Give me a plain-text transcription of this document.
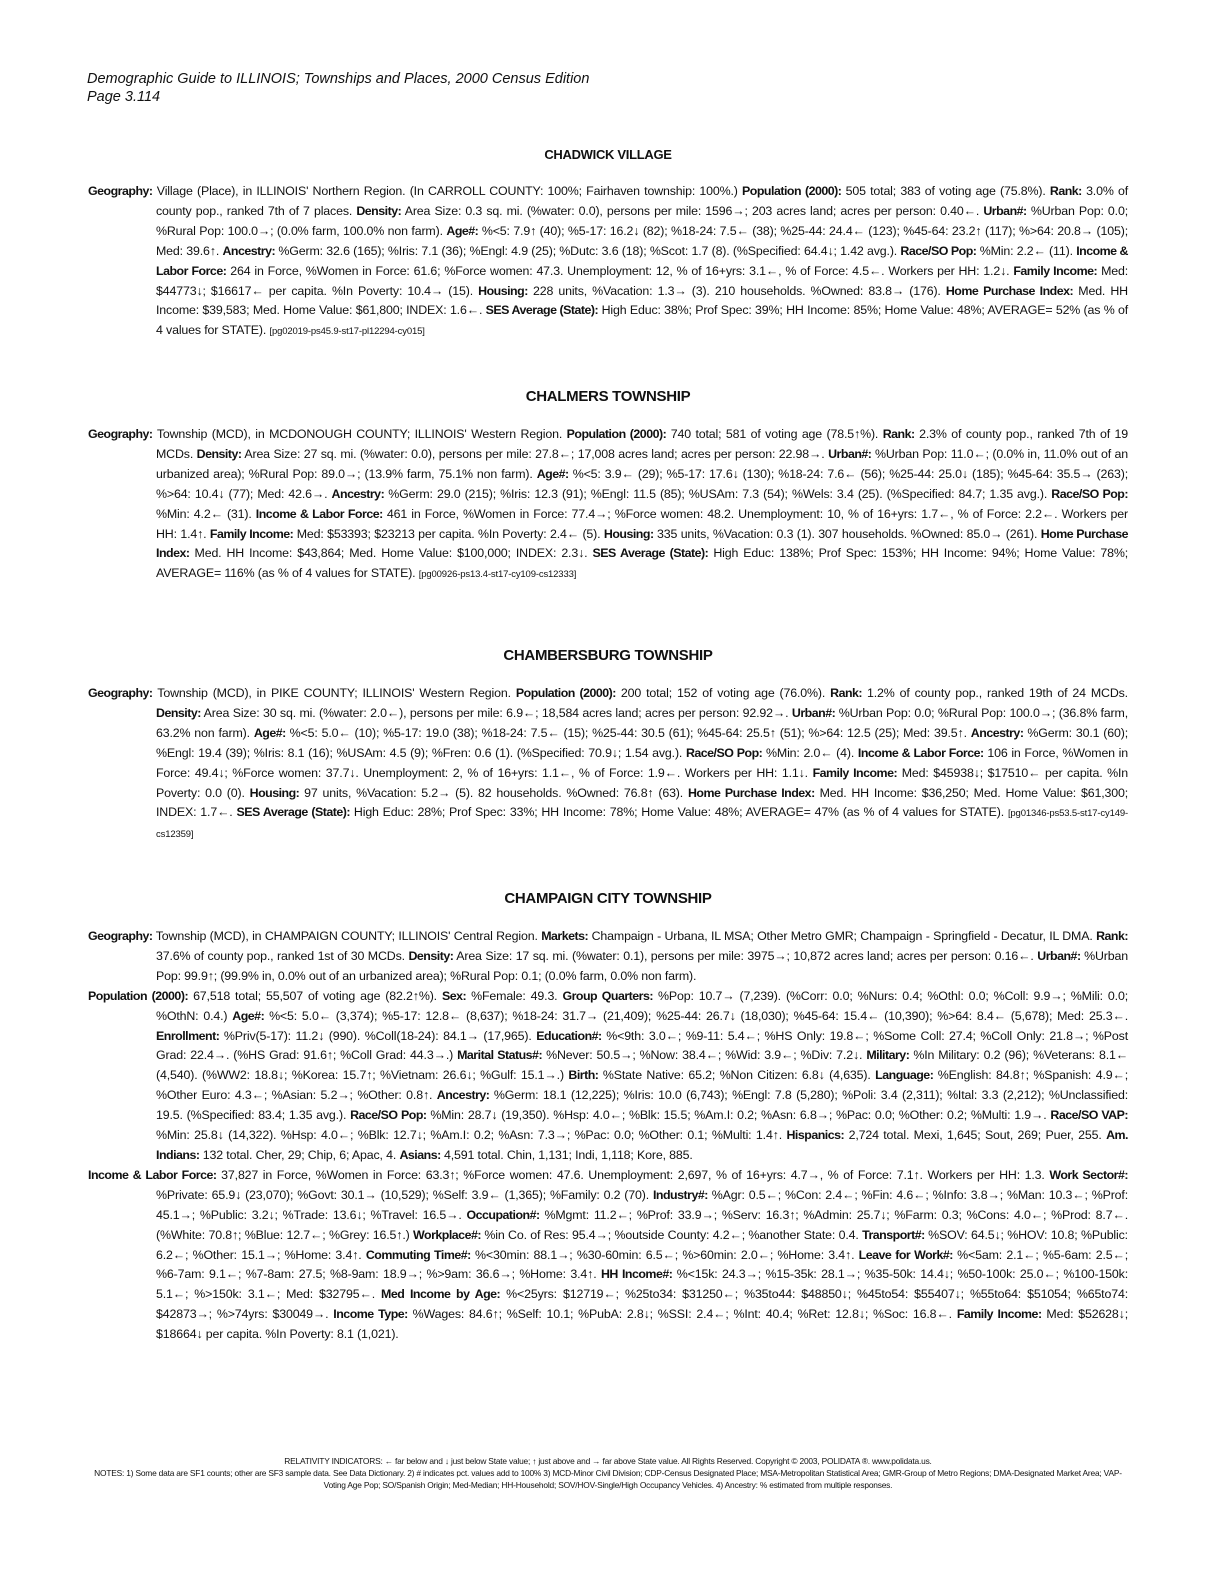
Demographic Guide to ILLINOIS; Townships and Places, 2000 Census Edition
Page 3.114
CHADWICK VILLAGE

Geography: Village (Place), in ILLINOIS' Northern Region. (In CARROLL COUNTY: 100%; Fairhaven township: 100%.) Population (2000): 505 total; 383 of voting age (75.8%). Rank: 3.0% of county pop., ranked 7th of 7 places. Density: Area Size: 0.3 sq. mi. (%water: 0.0), persons per mile: 1596→; 203 acres land; acres per person: 0.40←. Urban#: %Urban Pop: 0.0; %Rural Pop: 100.0→; (0.0% farm, 100.0% non farm). Age#: %<5: 7.9↑ (40); %5-17: 16.2↓ (82); %18-24: 7.5← (38); %25-44: 24.4← (123); %45-64: 23.2↑ (117); %>64: 20.8→ (105); Med: 39.6↑. Ancestry: %Germ: 32.6 (165); %Iris: 7.1 (36); %Engl: 4.9 (25); %Dutc: 3.6 (18); %Scot: 1.7 (8). (%Specified: 64.4↓; 1.42 avg.). Race/SO Pop: %Min: 2.2← (11). Income & Labor Force: 264 in Force, %Women in Force: 61.6; %Force women: 47.3. Unemployment: 12, % of 16+yrs: 3.1←, % of Force: 4.5←. Workers per HH: 1.2↓. Family Income: Med: $44773↓; $16617← per capita. %In Poverty: 10.4→ (15). Housing: 228 units, %Vacation: 1.3→ (3). 210 households. %Owned: 83.8→ (176). Home Purchase Index: Med. HH Income: $39,583; Med. Home Value: $61,800; INDEX: 1.6←. SES Average (State): High Educ: 38%; Prof Spec: 39%; HH Income: 85%; Home Value: 48%; AVERAGE= 52% (as % of 4 values for STATE). [pg02019-ps45.9-st17-pl12294-cy015]

CHALMERS TOWNSHIP

Geography: Township (MCD), in MCDONOUGH COUNTY; ILLINOIS' Western Region. Population (2000): 740 total; 581 of voting age (78.5↑%). Rank: 2.3% of county pop., ranked 7th of 19 MCDs. Density: Area Size: 27 sq. mi. (%water: 0.0), persons per mile: 27.8←; 17,008 acres land; acres per person: 22.98→. Urban#: %Urban Pop: 11.0←; (0.0% in, 11.0% out of an urbanized area); %Rural Pop: 89.0→; (13.9% farm, 75.1% non farm). Age#: %<5: 3.9← (29); %5-17: 17.6↓ (130); %18-24: 7.6← (56); %25-44: 25.0↓ (185); %45-64: 35.5→ (263); %>64: 10.4↓ (77); Med: 42.6→. Ancestry: %Germ: 29.0 (215); %Iris: 12.3 (91); %Engl: 11.5 (85); %USAm: 7.3 (54); %Wels: 3.4 (25). (%Specified: 84.7; 1.35 avg.). Race/SO Pop: %Min: 4.2← (31). Income & Labor Force: 461 in Force, %Women in Force: 77.4→; %Force women: 48.2. Unemployment: 10, % of 16+yrs: 1.7←, % of Force: 2.2←. Workers per HH: 1.4↑. Family Income: Med: $53393; $23213 per capita. %In Poverty: 2.4← (5). Housing: 335 units, %Vacation: 0.3 (1). 307 households. %Owned: 85.0→ (261). Home Purchase Index: Med. HH Income: $43,864; Med. Home Value: $100,000; INDEX: 2.3↓. SES Average (State): High Educ: 138%; Prof Spec: 153%; HH Income: 94%; Home Value: 78%; AVERAGE= 116% (as % of 4 values for STATE). [pg00926-ps13.4-st17-cy109-cs12333]

CHAMBERSBURG TOWNSHIP

Geography: Township (MCD), in PIKE COUNTY; ILLINOIS' Western Region. Population (2000): 200 total; 152 of voting age (76.0%). Rank: 1.2% of county pop., ranked 19th of 24 MCDs. Density: Area Size: 30 sq. mi. (%water: 2.0←), persons per mile: 6.9←; 18,584 acres land; acres per person: 92.92→. Urban#: %Urban Pop: 0.0; %Rural Pop: 100.0→; (36.8% farm, 63.2% non farm). Age#: %<5: 5.0← (10); %5-17: 19.0 (38); %18-24: 7.5← (15); %25-44: 30.5 (61); %45-64: 25.5↑ (51); %>64: 12.5 (25); Med: 39.5↑. Ancestry: %Germ: 30.1 (60); %Engl: 19.4 (39); %Iris: 8.1 (16); %USAm: 4.5 (9); %Fren: 0.6 (1). (%Specified: 70.9↓; 1.54 avg.). Race/SO Pop: %Min: 2.0← (4). Income & Labor Force: 106 in Force, %Women in Force: 49.4↓; %Force women: 37.7↓. Unemployment: 2, % of 16+yrs: 1.1←, % of Force: 1.9←. Workers per HH: 1.1↓. Family Income: Med: $45938↓; $17510← per capita. %In Poverty: 0.0 (0). Housing: 97 units, %Vacation: 5.2→ (5). 82 households. %Owned: 76.8↑ (63). Home Purchase Index: Med. HH Income: $36,250; Med. Home Value: $61,300; INDEX: 1.7←. SES Average (State): High Educ: 28%; Prof Spec: 33%; HH Income: 78%; Home Value: 48%; AVERAGE= 47% (as % of 4 values for STATE). [pg01346-ps53.5-st17-cy149-cs12359]

CHAMPAIGN CITY TOWNSHIP

Geography: Township (MCD), in CHAMPAIGN COUNTY; ILLINOIS' Central Region. Markets: Champaign - Urbana, IL MSA; Other Metro GMR; Champaign - Springfield - Decatur, IL DMA. Rank: 37.6% of county pop., ranked 1st of 30 MCDs. Density: Area Size: 17 sq. mi. (%water: 0.1), persons per mile: 3975→; 10,872 acres land; acres per person: 0.16←. Urban#: %Urban Pop: 99.9↑; (99.9% in, 0.0% out of an urbanized area); %Rural Pop: 0.1; (0.0% farm, 0.0% non farm).

Population (2000): 67,518 total; 55,507 of voting age (82.2↑%). Sex: %Female: 49.3. Group Quarters: %Pop: 10.7→ (7,239). (%Corr: 0.0; %Nurs: 0.4; %Othl: 0.0; %Coll: 9.9→; %Mili: 0.0; %OthN: 0.4.) Age#: %<5: 5.0← (3,374); %5-17: 12.8← (8,637); %18-24: 31.7→ (21,409); %25-44: 26.7↓ (18,030); %45-64: 15.4← (10,390); %>64: 8.4← (5,678); Med: 25.3←. Enrollment: %Priv(5-17): 11.2↓ (990). %Coll(18-24): 84.1→ (17,965). Education#: %<9th: 3.0←; %9-11: 5.4←; %HS Only: 19.8←; %Some Coll: 27.4; %Coll Only: 21.8→; %Post Grad: 22.4→. (%HS Grad: 91.6↑; %Coll Grad: 44.3→.) Marital Status#: %Never: 50.5→; %Now: 38.4←; %Wid: 3.9←; %Div: 7.2↓. Military: %In Military: 0.2 (96); %Veterans: 8.1← (4,540). (%WW2: 18.8↓; %Korea: 15.7↑; %Vietnam: 26.6↓; %Gulf: 15.1→.) Birth: %State Native: 65.2; %Non Citizen: 6.8↓ (4,635). Language: %English: 84.8↑; %Spanish: 4.9←; %Other Euro: 4.3←; %Asian: 5.2→; %Other: 0.8↑. Ancestry: %Germ: 18.1 (12,225); %Iris: 10.0 (6,743); %Engl: 7.8 (5,280); %Poli: 3.4 (2,311); %Ital: 3.3 (2,212); %Unclassified: 19.5. (%Specified: 83.4; 1.35 avg.). Race/SO Pop: %Min: 28.7↓ (19,350). %Hsp: 4.0←; %Blk: 15.5; %Am.I: 0.2; %Asn: 6.8→; %Pac: 0.0; %Other: 0.2; %Multi: 1.9→. Race/SO VAP: %Min: 25.8↓ (14,322). %Hsp: 4.0←; %Blk: 12.7↓; %Am.I: 0.2; %Asn: 7.3→; %Pac: 0.0; %Other: 0.1; %Multi: 1.4↑. Hispanics: 2,724 total. Mexi, 1,645; Sout, 269; Puer, 255. Am. Indians: 132 total. Cher, 29; Chip, 6; Apac, 4. Asians: 4,591 total. Chin, 1,131; Indi, 1,118; Kore, 885.

Income & Labor Force: 37,827 in Force, %Women in Force: 63.3↑; %Force women: 47.6. Unemployment: 2,697, % of 16+yrs: 4.7→, % of Force: 7.1↑. Workers per HH: 1.3. Work Sector#: %Private: 65.9↓ (23,070); %Govt: 30.1→ (10,529); %Self: 3.9← (1,365); %Family: 0.2 (70). Industry#: %Agr: 0.5←; %Con: 2.4←; %Fin: 4.6←; %Info: 3.8→; %Man: 10.3←; %Prof: 45.1→; %Public: 3.2↓; %Trade: 13.6↓; %Travel: 16.5→. Occupation#: %Mgmt: 11.2←; %Prof: 33.9→; %Serv: 16.3↑; %Admin: 25.7↓; %Farm: 0.3; %Cons: 4.0←; %Prod: 8.7←. (%White: 70.8↑; %Blue: 12.7←; %Grey: 16.5↑.) Workplace#: %in Co. of Res: 95.4→; %outside County: 4.2←; %another State: 0.4. Transport#: %SOV: 64.5↓; %HOV: 10.8; %Public: 6.2←; %Other: 15.1→; %Home: 3.4↑. Commuting Time#: %<30min: 88.1→; %30-60min: 6.5←; %>60min: 2.0←; %Home: 3.4↑. Leave for Work#: %<5am: 2.1←; %5-6am: 2.5←; %6-7am: 9.1←; %7-8am: 27.5; %8-9am: 18.9→; %>9am: 36.6→; %Home: 3.4↑. HH Income#: %<15k: 24.3→; %15-35k: 28.1→; %35-50k: 14.4↓; %50-100k: 25.0←; %100-150k: 5.1←; %>150k: 3.1←; Med: $32795←. Med Income by Age: %<25yrs: $12719←; %25to34: $31250←; %35to44: $48850↓; %45to54: $55407↓; %55to64: $51054; %65to74: $42873→; %>74yrs: $30049→. Income Type: %Wages: 84.6↑; %Self: 10.1; %PubA: 2.8↓; %SSI: 2.4←; %Int: 40.4; %Ret: 12.8↓; %Soc: 16.8←. Family Income: Med: $52628↓; $18664↓ per capita. %In Poverty: 8.1 (1,021).

RELATIVITY INDICATORS: ← far below and ↓ just below State value; ↑ just above and → far above State value. All Rights Reserved. Copyright © 2003, POLIDATA ®. www.polidata.us.
NOTES: 1) Some data are SF1 counts; other are SF3 sample data. See Data Dictionary. 2) # indicates pct. values add to 100% 3) MCD-Minor Civil Division; CDP-Census Designated Place; MSA-Metropolitan Statistical Area; GMR-Group of Metro Regions; DMA-Designated Market Area; VAP-Voting Age Pop; SO/Spanish Origin; Med-Median; HH-Household; SOV/HOV-Single/High Occupancy Vehicles. 4) Ancestry: % estimated from multiple responses.
